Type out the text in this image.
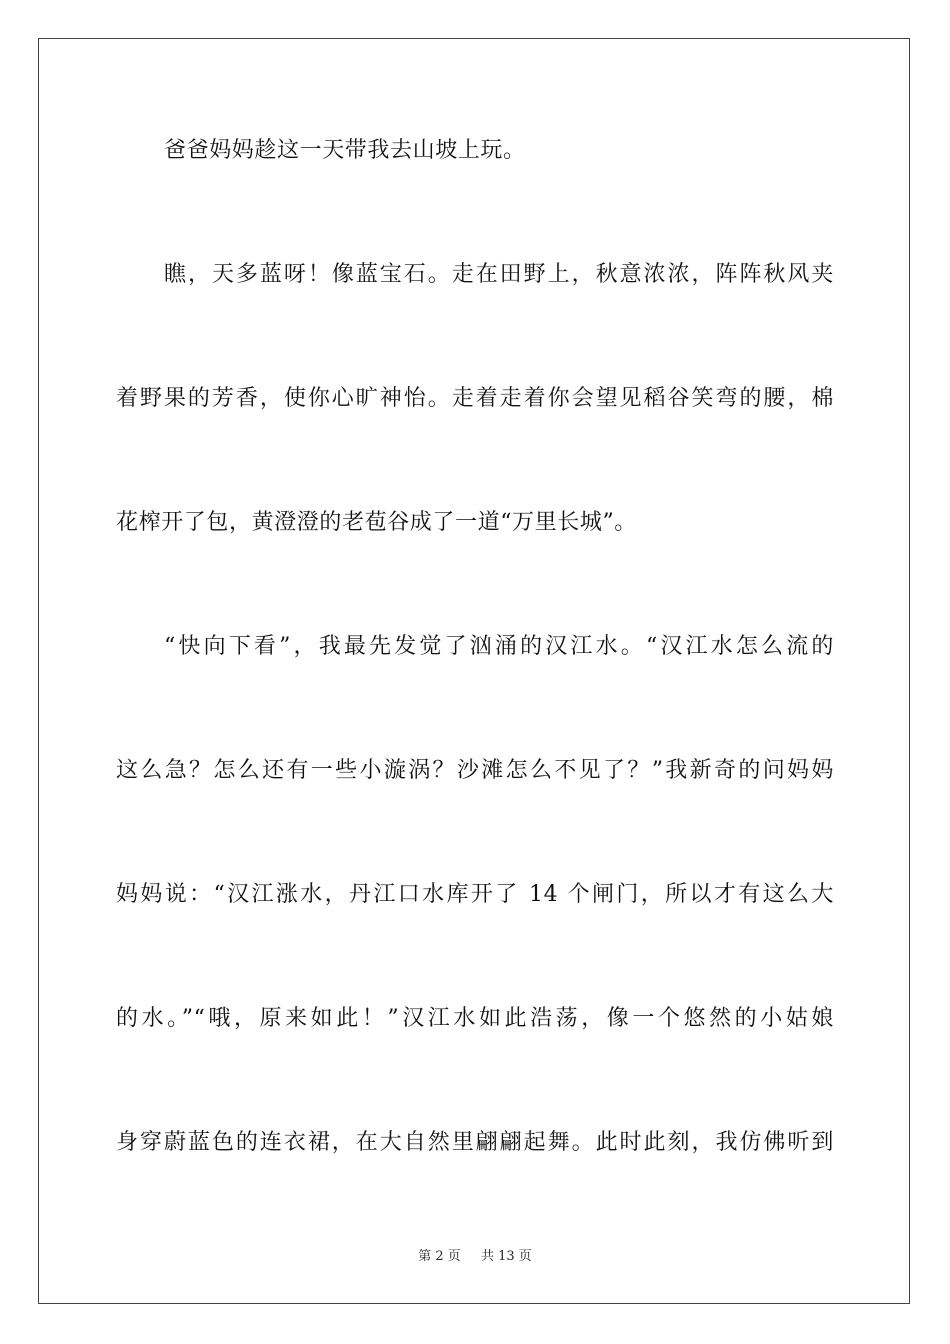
爸爸妈妈趁这一天带我去山坡上玩。
瞧，天多蓝呀！像蓝宝石。走在田野上，秋意浓浓，阵阵秋风夹
着野果的芳香，使你心旷神怡。走着走着你会望见稻谷笑弯的腰，棉
花榨开了包，黄澄澄的老苞谷成了一道“万里长城”。
“快向下看”，我最先发觉了汹涌的汉江水。“汉江水怎么流的
这么急？怎么还有一些小漩涡？沙滩怎么不见了？”我新奇的问妈妈
妈妈说：“汉江涨水，丹江口水库开了 14 个闸门，所以才有这么大
的水。”“哦，原来如此！”汉江水如此浩荡，像一个悠然的小姑娘
身穿蔚蓝色的连衣裙，在大自然里翩翩起舞。此时此刻，我仿佛听到
第 2 页 共 13 页
